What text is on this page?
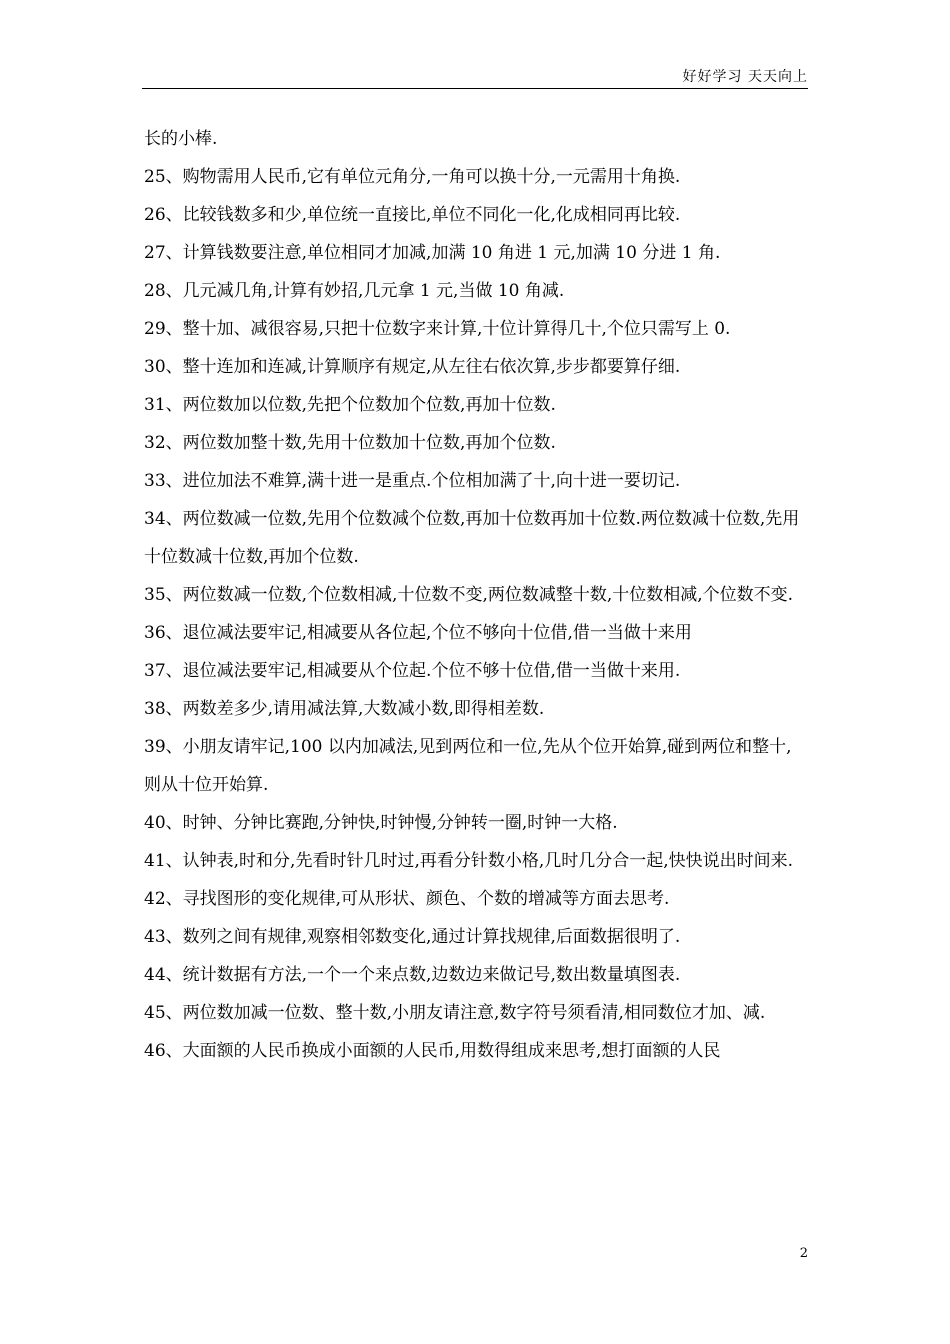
好好学习 天天向上

长的小棒.

25、购物需用人民币,它有单位元角分,一角可以换十分,一元需用十角换.

26、比较钱数多和少,单位统一直接比,单位不同化一化,化成相同再比较.

27、计算钱数要注意,单位相同才加减,加满 10 角进 1 元,加满 10 分进 1 角.

28、几元减几角,计算有妙招,几元拿 1 元,当做 10 角减.

29、整十加、减很容易,只把十位数字来计算,十位计算得几十,个位只需写上 0.

30、整十连加和连减,计算顺序有规定,从左往右依次算,步步都要算仔细.

31、两位数加以位数,先把个位数加个位数,再加十位数.

32、两位数加整十数,先用十位数加十位数,再加个位数.

33、进位加法不难算,满十进一是重点.个位相加满了十,向十进一要切记.

34、两位数减一位数,先用个位数减个位数,再加十位数再加十位数.两位数减十位数,先用十位数减十位数,再加个位数.

35、两位数减一位数,个位数相减,十位数不变,两位数减整十数,十位数相减,个位数不变.

36、退位减法要牢记,相减要从各位起,个位不够向十位借,借一当做十来用

37、退位减法要牢记,相减要从个位起.个位不够十位借,借一当做十来用.

38、两数差多少,请用减法算,大数减小数,即得相差数.

39、小朋友请牢记,100 以内加减法,见到两位和一位,先从个位开始算,碰到两位和整十,则从十位开始算.

40、时钟、分钟比赛跑,分钟快,时钟慢,分钟转一圈,时钟一大格.

41、认钟表,时和分,先看时针几时过,再看分针数小格,几时几分合一起,快快说出时间来.

42、寻找图形的变化规律,可从形状、颜色、个数的增减等方面去思考.

43、数列之间有规律,观察相邻数变化,通过计算找规律,后面数据很明了.

44、统计数据有方法,一个一个来点数,边数边来做记号,数出数量填图表.

45、两位数加减一位数、整十数,小朋友请注意,数字符号须看清,相同数位才加、减.

46、大面额的人民币换成小面额的人民币,用数得组成来思考,想打面额的人民

2
